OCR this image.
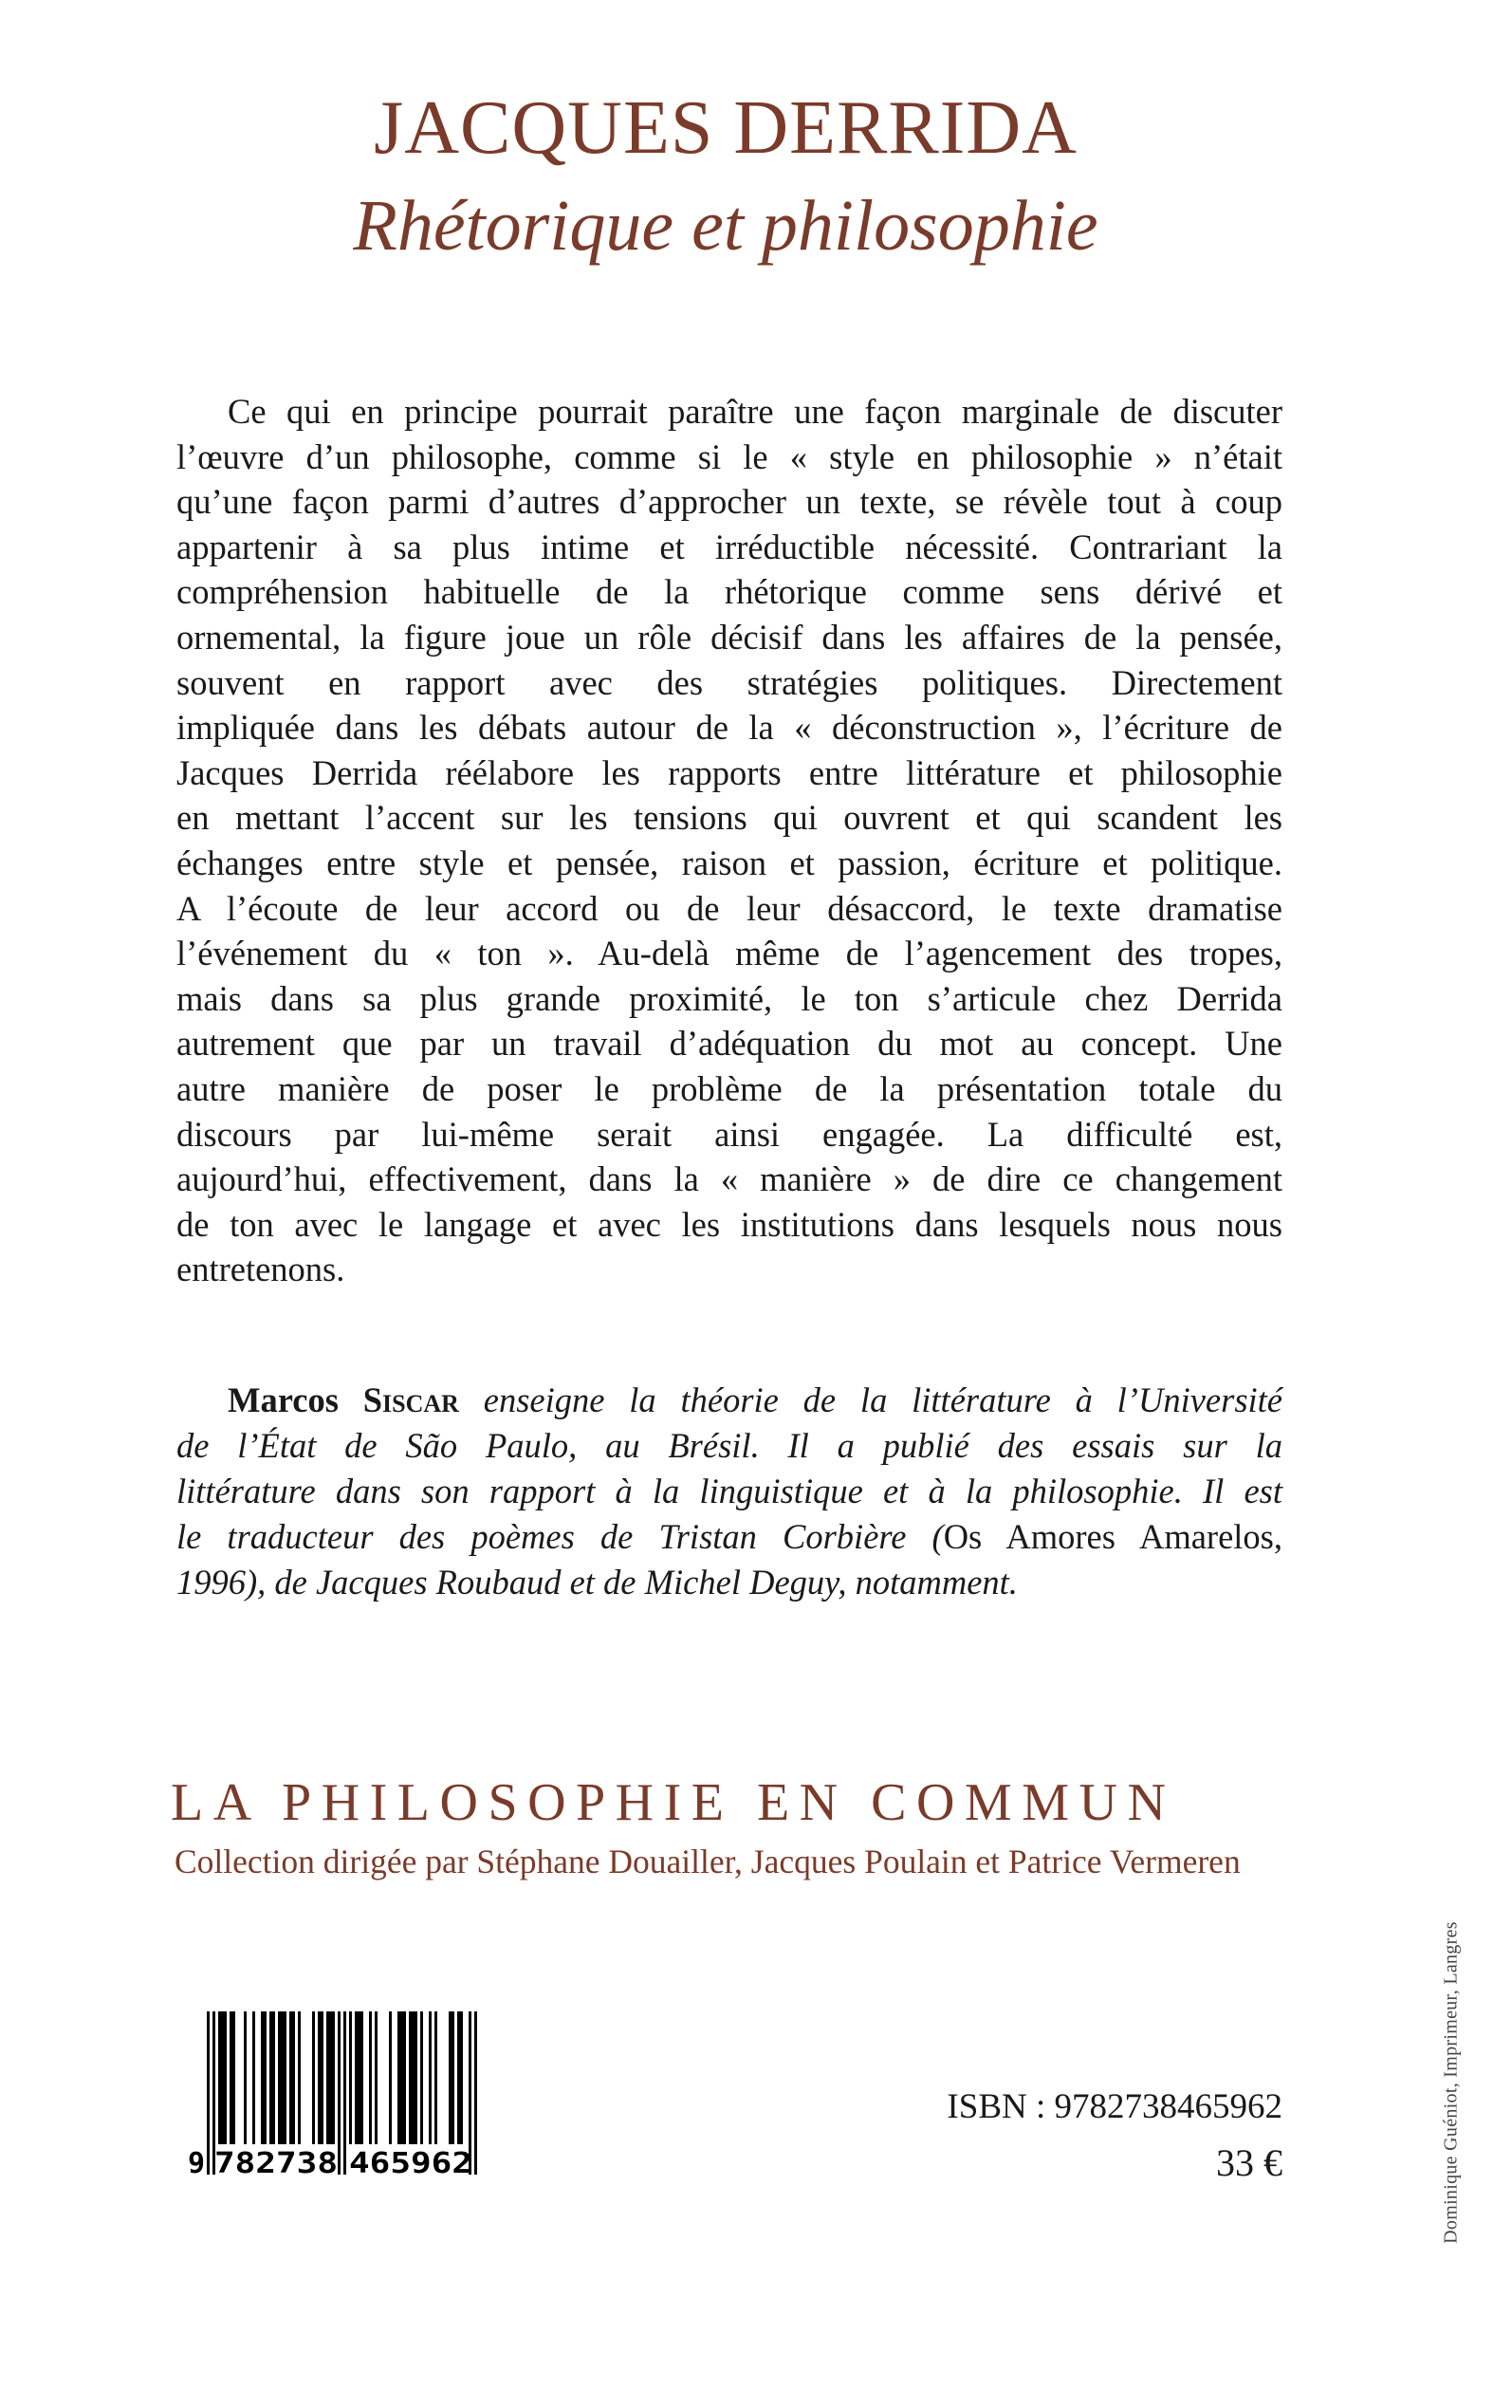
JACQUES DERRIDA
Rhétorique et philosophie
Ce qui en principe pourrait paraître une façon marginale de discuter
l’œuvre d’un philosophe, comme si le « style en philosophie » n’était
qu’une façon parmi d’autres d’approcher un texte, se révèle tout à coup
appartenir à sa plus intime et irréductible nécessité. Contrariant la
compréhension habituelle de la rhétorique comme sens dérivé et
ornemental, la figure joue un rôle décisif dans les affaires de la pensée,
souvent en rapport avec des stratégies politiques. Directement
impliquée dans les débats autour de la « déconstruction », l’écriture de
Jacques Derrida réélabore les rapports entre littérature et philosophie
en mettant l’accent sur les tensions qui ouvrent et qui scandent les
échanges entre style et pensée, raison et passion, écriture et politique.
A l’écoute de leur accord ou de leur désaccord, le texte dramatise
l’événement du « ton ». Au-delà même de l’agencement des tropes,
mais dans sa plus grande proximité, le ton s’articule chez Derrida
autrement que par un travail d’adéquation du mot au concept. Une
autre manière de poser le problème de la présentation totale du
discours par lui-même serait ainsi engagée. La difficulté est,
aujourd’hui, effectivement, dans la « manière » de dire ce changement
de ton avec le langage et avec les institutions dans lesquels nous nous
entretenons.
Marcos Siscar enseigne la théorie de la littérature à l’Université
de l’État de São Paulo, au Brésil. Il a publié des essais sur la
littérature dans son rapport à la linguistique et à la philosophie. Il est
le traducteur des poèmes de Tristan Corbière (Os Amores Amarelos,
1996), de Jacques Roubaud et de Michel Deguy, notamment.
LA PHILOSOPHIE EN COMMUN
Collection dirigée par Stéphane Douailler, Jacques Poulain et Patrice Vermeren
9 782738 465962
ISBN : 9782738465962
33 €	Dominique Guéniot, Imprimeur, Langres
